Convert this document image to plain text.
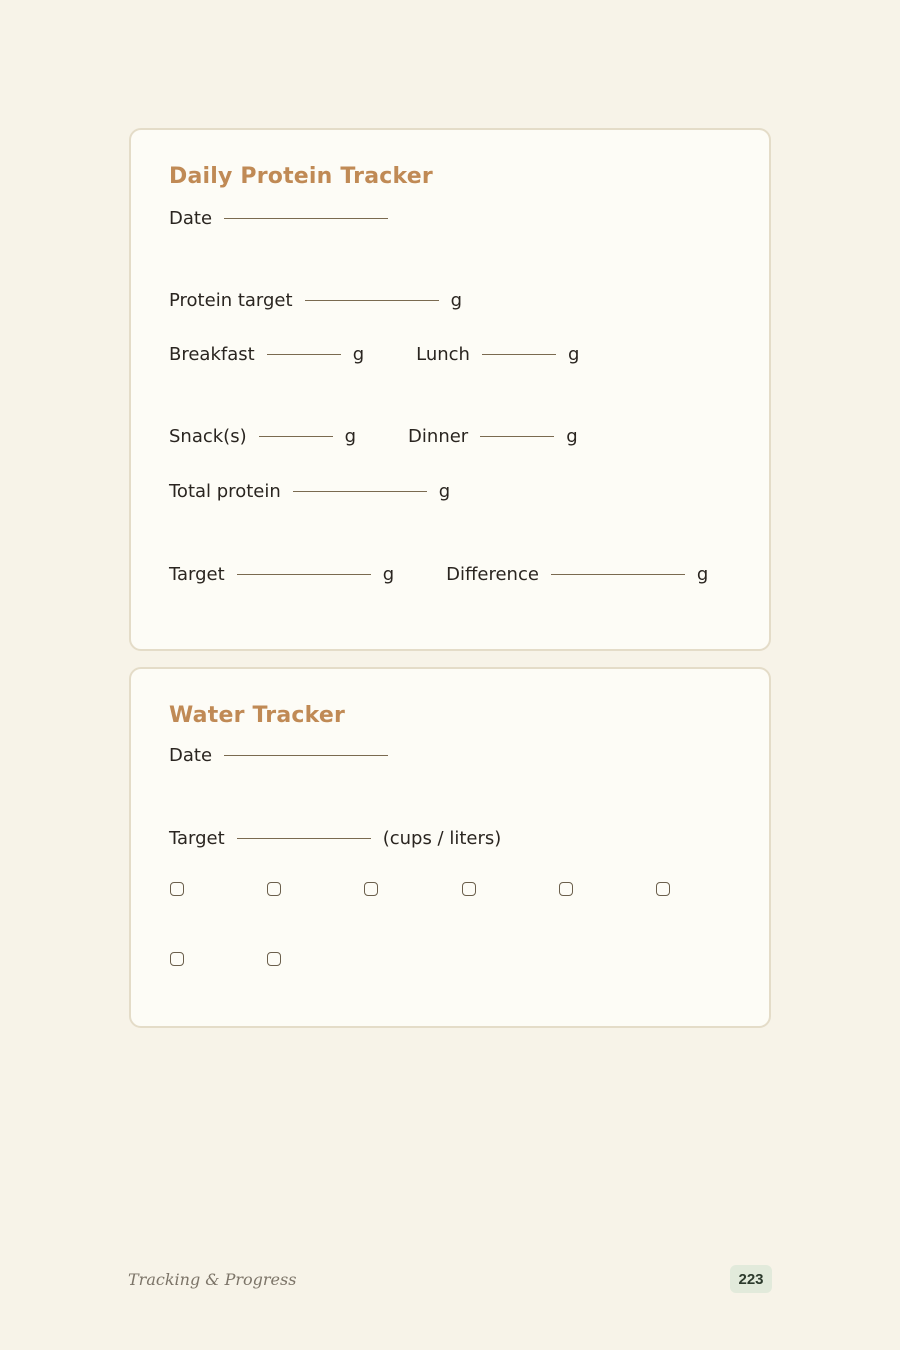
Daily Protein Tracker
Date
Protein target	g
Breakfast	g	Lunch	g
Snack(s)	g	Dinner	g
Total protein	g
Target	g	Difference	g
Water Tracker
Date
Target	(cups / liters)
Tracking & Progress	223
